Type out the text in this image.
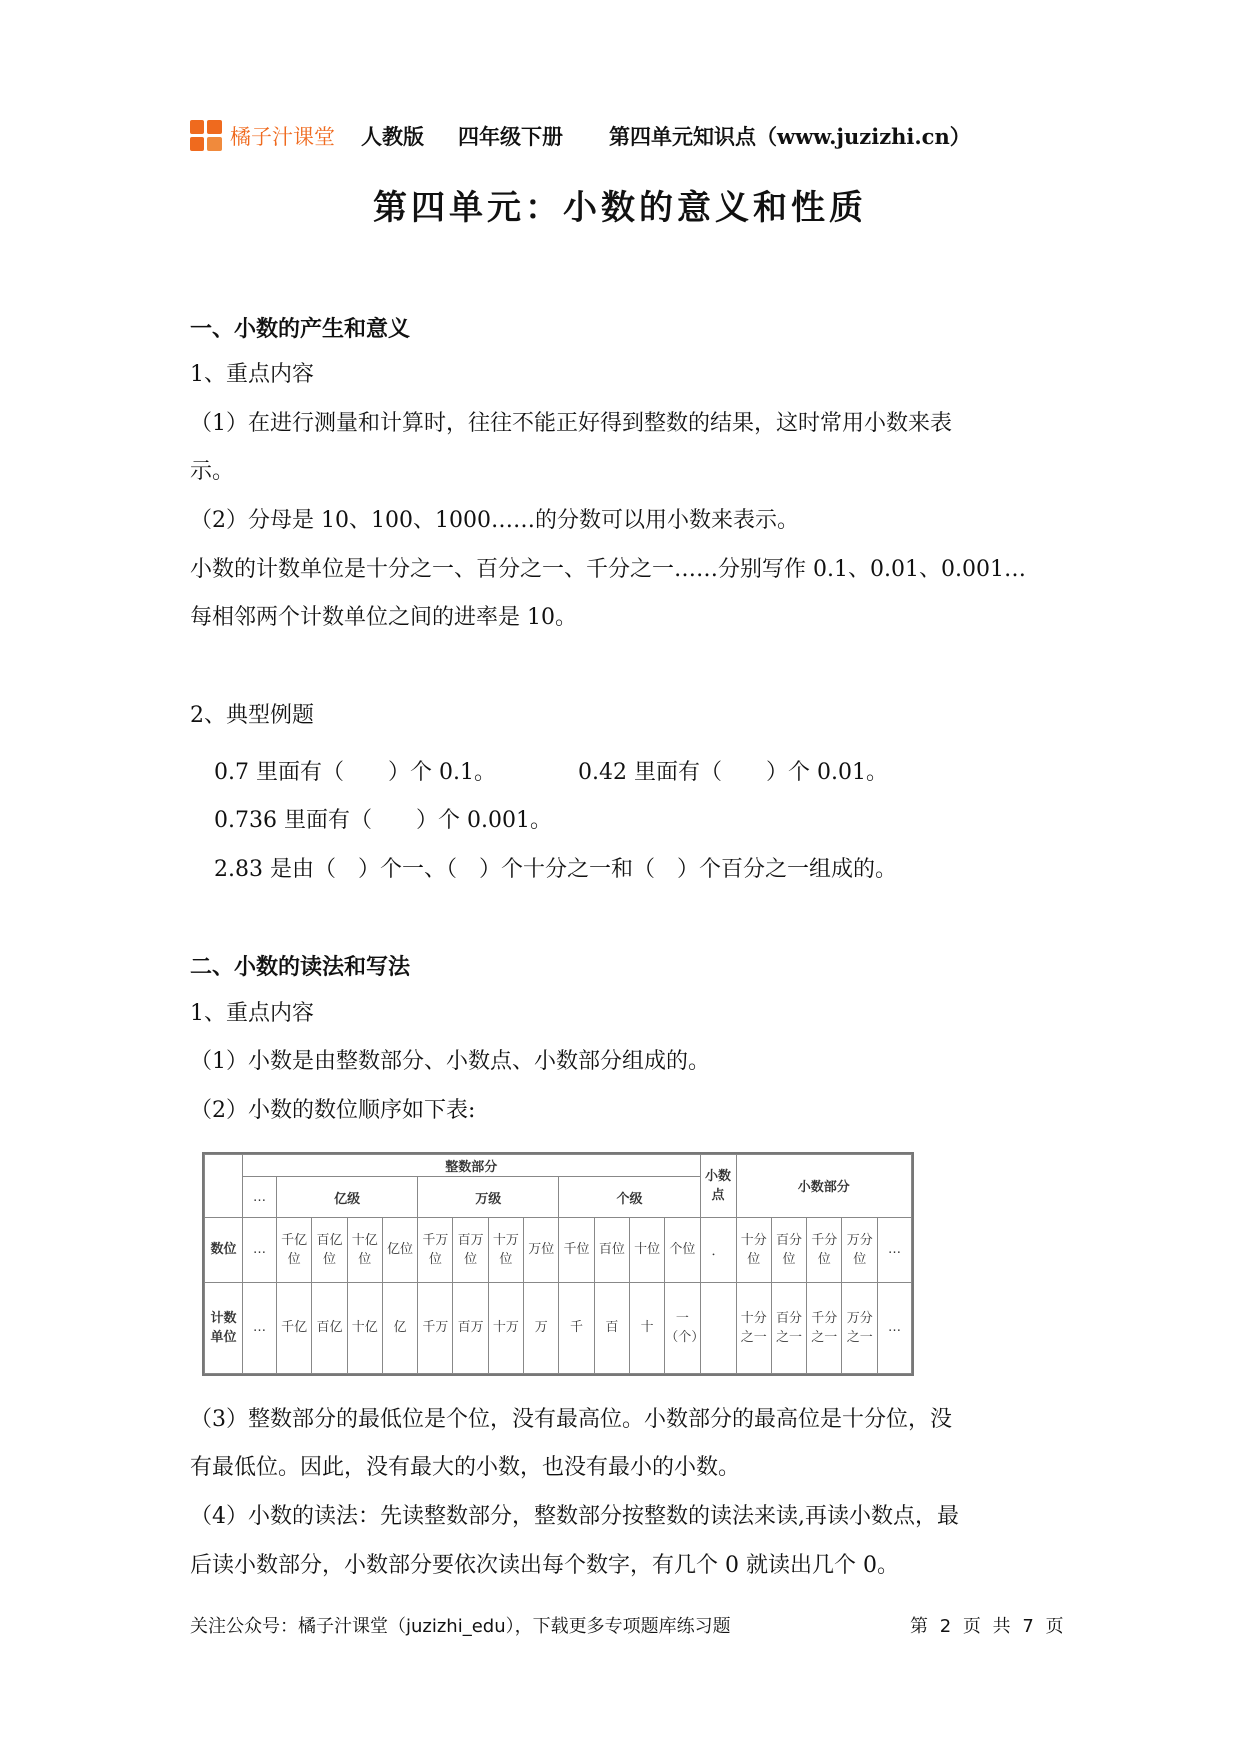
橘子汁课堂 人教版 四年级下册 第四单元知识点（www.juzizhi.cn）
第四单元：小数的意义和性质
一、小数的产生和意义
1、重点内容
（1）在进行测量和计算时，往往不能正好得到整数的结果，这时常用小数来表
示。
（2）分母是 10、100、1000……的分数可以用小数来表示。
小数的计数单位是十分之一、百分之一、千分之一……分别写作 0.1、0.01、0.001…
每相邻两个计数单位之间的进率是 10。
2、典型例题
0.7 里面有（　　）个 0.1。	0.42 里面有（　　）个 0.01。
0.736 里面有（　　）个 0.001。
2.83 是由（　）个一、（　）个十分之一和（　）个百分之一组成的。
二、小数的读法和写法
1、重点内容
（1）小数是由整数部分、小数点、小数部分组成的。
（2）小数的数位顺序如下表:
	整数部分													小数点	小数部分				
	…	亿级				万级				个级									
数位	…	千亿位	百亿位	十亿位	亿位	千万位	百万位	十万位	万位	千位	百位	十位	个位	．	十分位	百分位	千分位	万分位	…
计数单位	…	千亿	百亿	十亿	亿	千万	百万	十万	万	千	百	十	一（个）		十分之一	百分之一	千分之一	万分之一	…
（3）整数部分的最低位是个位，没有最高位。小数部分的最高位是十分位，没
有最低位。因此，没有最大的小数，也没有最小的小数。
（4）小数的读法：先读整数部分，整数部分按整数的读法来读,再读小数点，最
后读小数部分，小数部分要依次读出每个数字，有几个 0 就读出几个 0。
关注公众号：橘子汁课堂（juzizhi_edu），下载更多专项题库练习题	第 2 页 共 7 页
